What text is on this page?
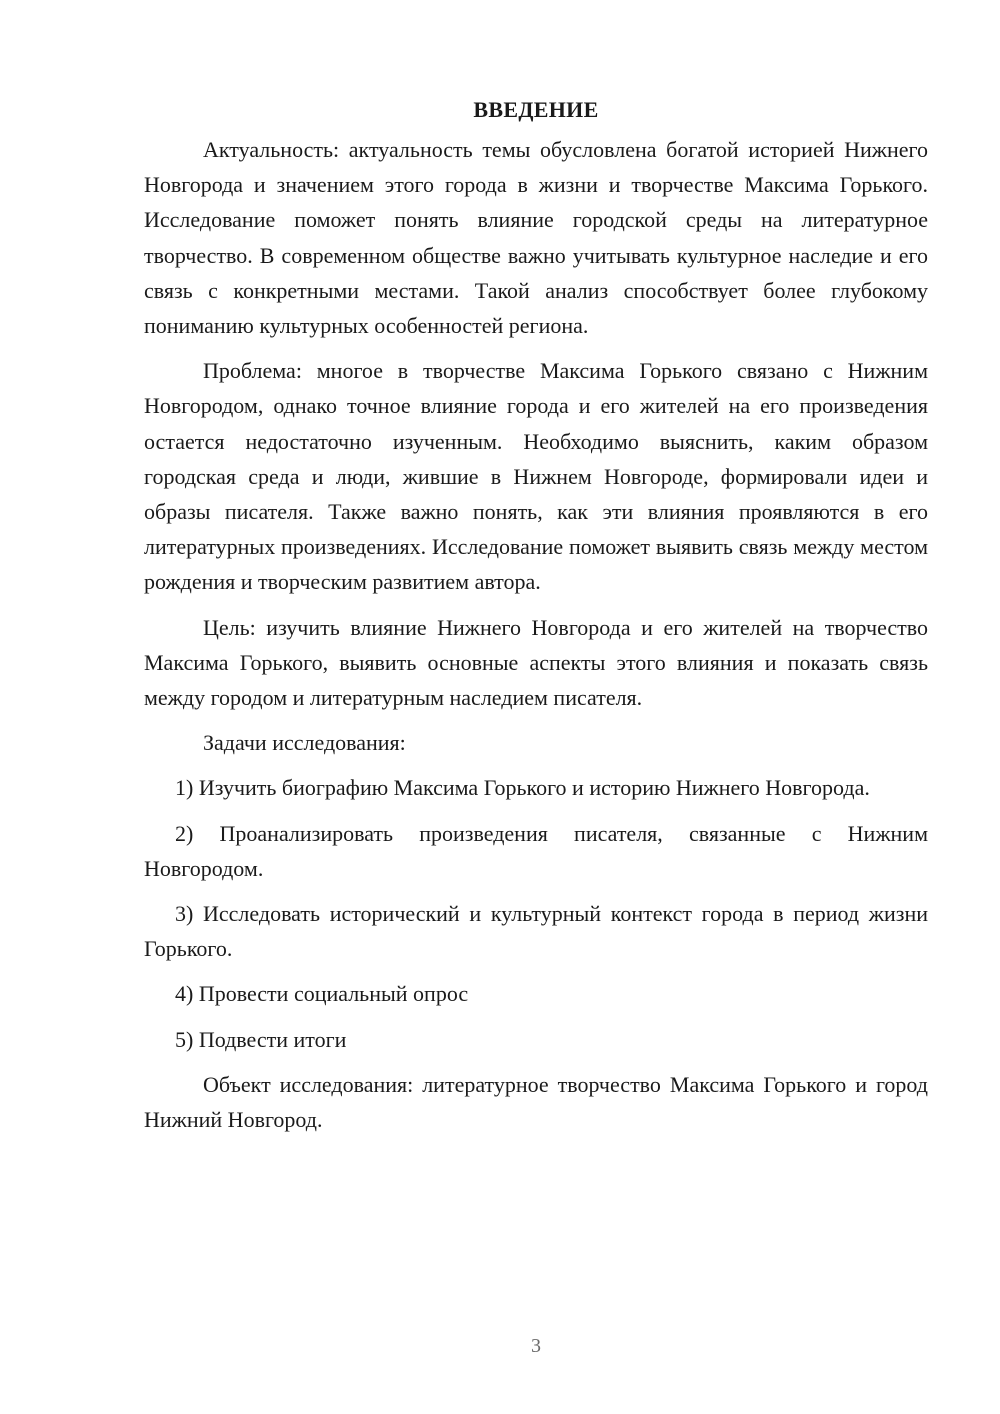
ВВЕДЕНИЕ

Актуальность: актуальность темы обусловлена богатой историей Нижнего Новгорода и значением этого города в жизни и творчестве Максима Горького. Исследование поможет понять влияние городской среды на литературное творчество. В современном обществе важно учитывать культурное наследие и его связь с конкретными местами. Такой анализ способствует более глубокому пониманию культурных особенностей региона.

Проблема: многое в творчестве Максима Горького связано с Нижним Новгородом, однако точное влияние города и его жителей на его произведения остается недостаточно изученным. Необходимо выяснить, каким образом городская среда и люди, жившие в Нижнем Новгороде, формировали идеи и образы писателя. Также важно понять, как эти влияния проявляются в его литературных произведениях. Исследование поможет выявить связь между местом рождения и творческим развитием автора.

Цель: изучить влияние Нижнего Новгорода и его жителей на творчество Максима Горького, выявить основные аспекты этого влияния и показать связь между городом и литературным наследием писателя.

Задачи исследования:

1) Изучить биографию Максима Горького и историю Нижнего Новгорода.

2) Проанализировать произведения писателя, связанные с Нижним Новгородом.

3) Исследовать исторический и культурный контекст города в период жизни Горького.

4) Провести социальный опрос

5) Подвести итоги

Объект исследования: литературное творчество Максима Горького и город Нижний Новгород.

3
